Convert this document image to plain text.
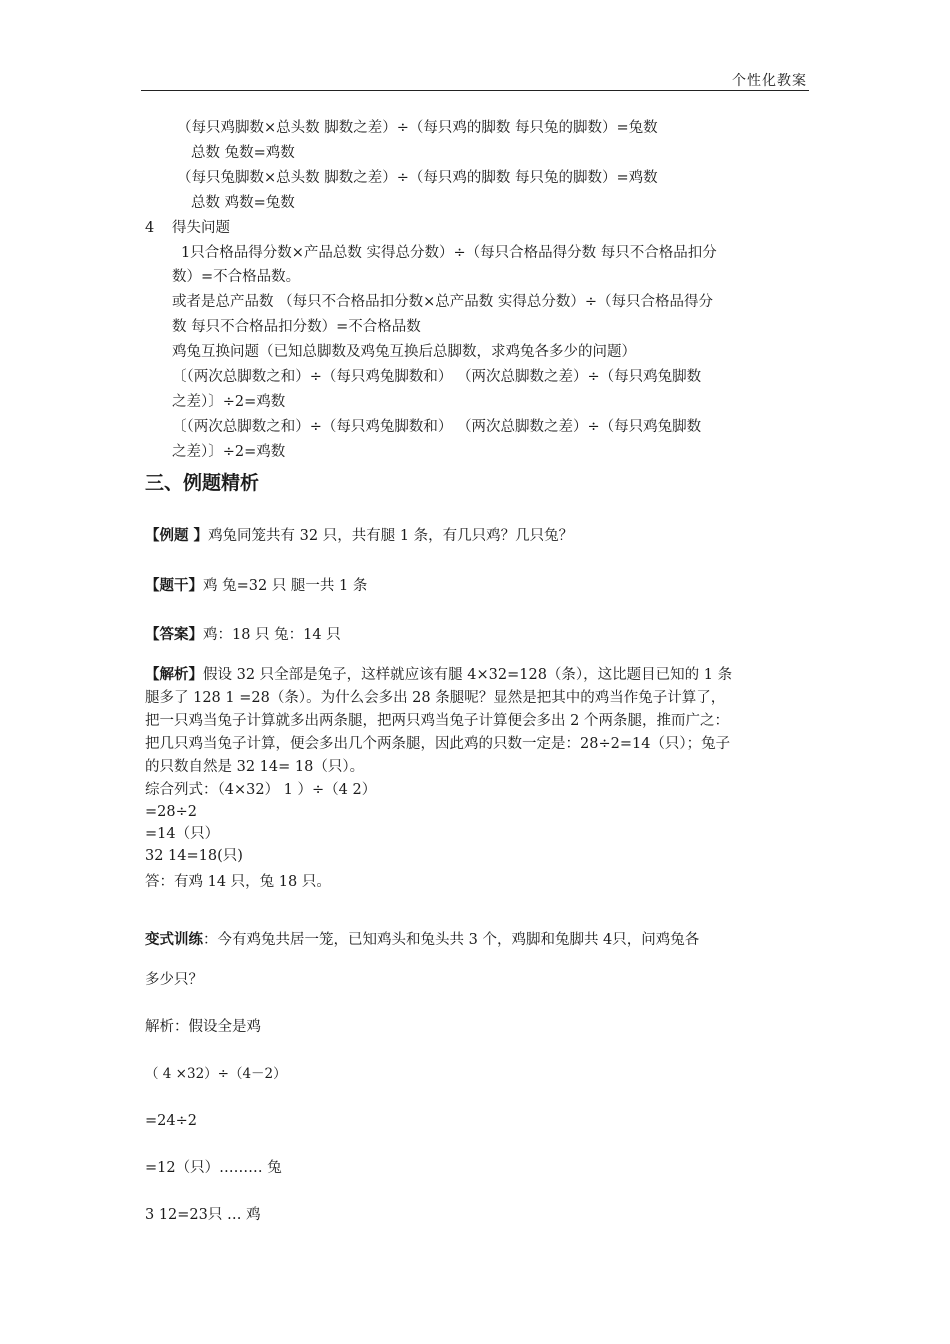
个性化教案
（每只鸡脚数×总头数 脚数之差）÷（每只鸡的脚数 每只兔的脚数）=兔数
总数 兔数=鸡数
（每只兔脚数×总头数 脚数之差）÷（每只鸡的脚数 每只兔的脚数）=鸡数
总数 鸡数=兔数
4 得失问题
1只合格品得分数×产品总数 实得总分数）÷（每只合格品得分数 每只不合格品扣分
数）=不合格品数。
或者是总产品数 （每只不合格品扣分数×总产品数 实得总分数）÷（每只合格品得分
数 每只不合格品扣分数）=不合格品数
鸡兔互换问题（已知总脚数及鸡兔互换后总脚数，求鸡兔各多少的问题）
〔（两次总脚数之和）÷（每只鸡兔脚数和） （两次总脚数之差）÷（每只鸡兔脚数
之差）〕÷2=鸡数
〔（两次总脚数之和）÷（每只鸡兔脚数和） （两次总脚数之差）÷（每只鸡兔脚数
之差）〕÷2=鸡数
三、例题精析
【例题 】鸡兔同笼共有 32 只，共有腿 1 条，有几只鸡？几只兔？
【题干】鸡 兔=32 只 腿一共 1 条
【答案】鸡：18 只 兔：14 只
【解析】假设 32 只全部是兔子，这样就应该有腿 4×32=128（条），这比题目已知的 1 条
腿多了 128 1 =28（条）。为什么会多出 28 条腿呢？显然是把其中的鸡当作兔子计算了，
把一只鸡当兔子计算就多出两条腿，把两只鸡当兔子计算便会多出 2 个两条腿，推而广之：
把几只鸡当兔子计算，便会多出几个两条腿，因此鸡的只数一定是：28÷2=14（只）；兔子
的只数自然是 32 14= 18（只）。
综合列式：（4×32） 1 ）÷（4 2）
=28÷2
=14（只）
32 14=18(只)
答：有鸡 14 只，兔 18 只。
变式训练：今有鸡兔共居一笼，已知鸡头和兔头共 3 个，鸡脚和兔脚共 4只，问鸡兔各
多少只？
解析：假设全是鸡
（ 4 ×32）÷（4－2）
=24÷2
=12（只）……… 兔
3 12=23只 … 鸡
